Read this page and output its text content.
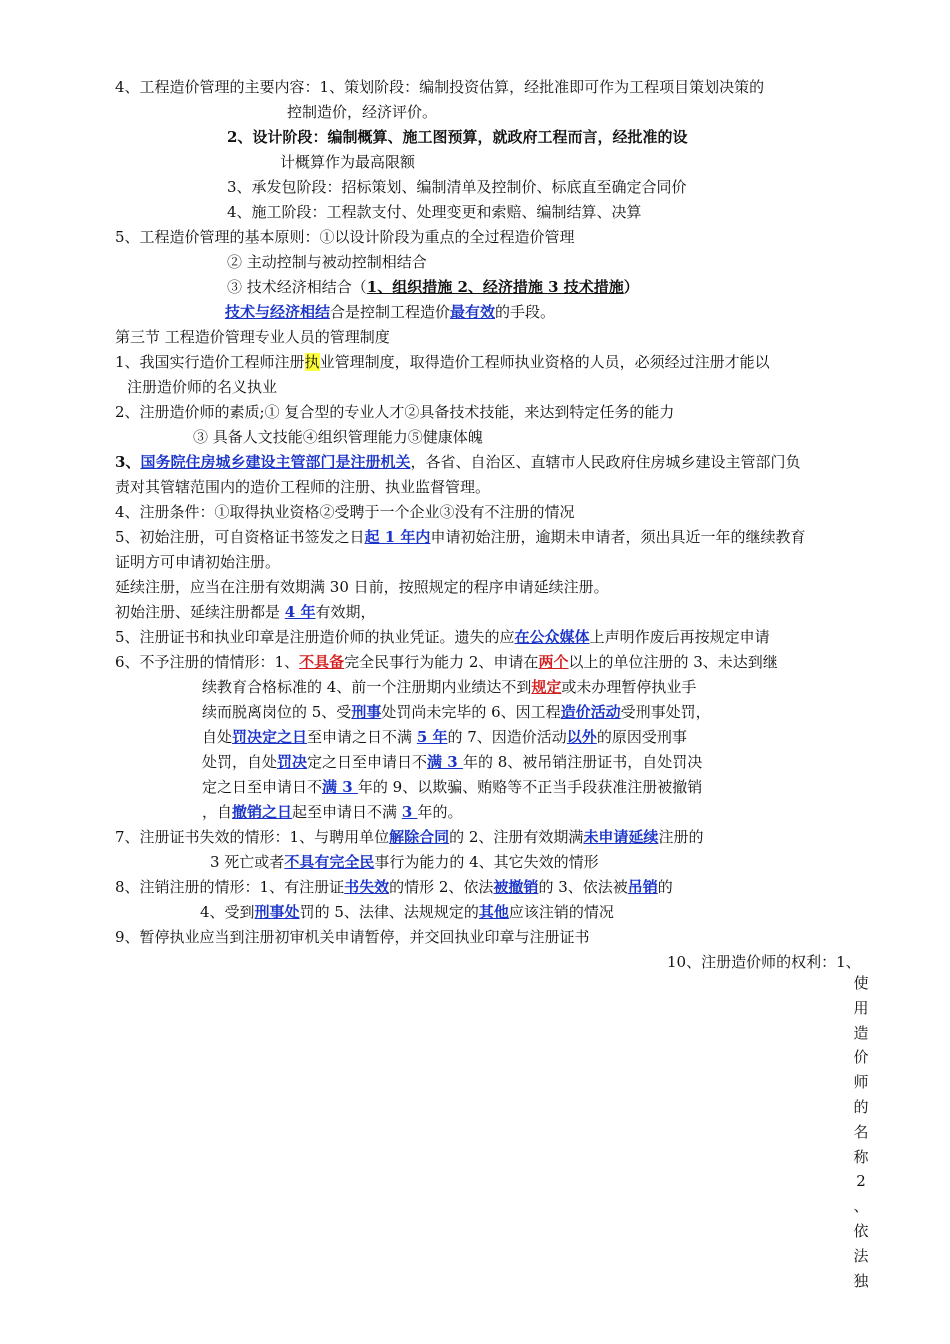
4、工程造价管理的主要内容：1、策划阶段：编制投资估算，经批准即可作为工程项目策划决策的
控制造价，经济评价。
2、设计阶段：编制概算、施工图预算，就政府工程而言，经批准的设
计概算作为最高限额
3、承发包阶段：招标策划、编制清单及控制价、标底直至确定合同价
4、施工阶段：工程款支付、处理变更和索赔、编制结算、决算
5、工程造价管理的基本原则：①以设计阶段为重点的全过程造价管理
② 主动控制与被动控制相结合
③ 技术经济相结合（1、组织措施 2、经济措施 3 技术措施）
技术与经济相结合是控制工程造价最有效的手段。
第三节 工程造价管理专业人员的管理制度
1、我国实行造价工程师注册执业管理制度，取得造价工程师执业资格的人员，必须经过注册才能以
注册造价师的名义执业
2、注册造价师的素质;① 复合型的专业人才②具备技术技能，来达到特定任务的能力
③ 具备人文技能④组织管理能力⑤健康体魄
3、国务院住房城乡建设主管部门是注册机关，各省、自治区、直辖市人民政府住房城乡建设主管部门负
责对其管辖范围内的造价工程师的注册、执业监督管理。
4、注册条件：①取得执业资格②受聘于一个企业③没有不注册的情况
5、初始注册，可自资格证书签发之日起 1 年内申请初始注册，逾期未申请者，须出具近一年的继续教育
证明方可申请初始注册。
延续注册，应当在注册有效期满 30 日前，按照规定的程序申请延续注册。
初始注册、延续注册都是 4 年有效期，
5、注册证书和执业印章是注册造价师的执业凭证。遗失的应在公众媒体上声明作废后再按规定申请
6、不予注册的情情形：1、不具备完全民事行为能力 2、申请在两个以上的单位注册的 3、未达到继
续教育合格标准的 4、前一个注册期内业绩达不到规定或未办理暂停执业手
续而脱离岗位的 5、受刑事处罚尚未完毕的 6、因工程造价活动受刑事处罚，
自处罚决定之日至申请之日不满 5 年的 7、因造价活动以外的原因受刑事
处罚，自处罚决定之日至申请日不满 3 年的 8、被吊销注册证书，自处罚决
定之日至申请日不满 3 年的 9、以欺骗、贿赂等不正当手段获准注册被撤销
，自撤销之日起至申请日不满 3 年的。
7、注册证书失效的情形：1、与聘用单位解除合同的 2、注册有效期满未申请延续注册的
3 死亡或者不具有完全民事行为能力的 4、其它失效的情形
8、注销注册的情形：1、有注册证书失效的情形 2、依法被撤销的 3、依法被吊销的
4、受到刑事处罚的 5、法律、法规规定的其他应该注销的情况
9、暂停执业应当到注册初审机关申请暂停，并交回执业印章与注册证书
10、注册造价师的权利：1、
使
用
造
价
师
的
名
称
2 、
依
法
独
